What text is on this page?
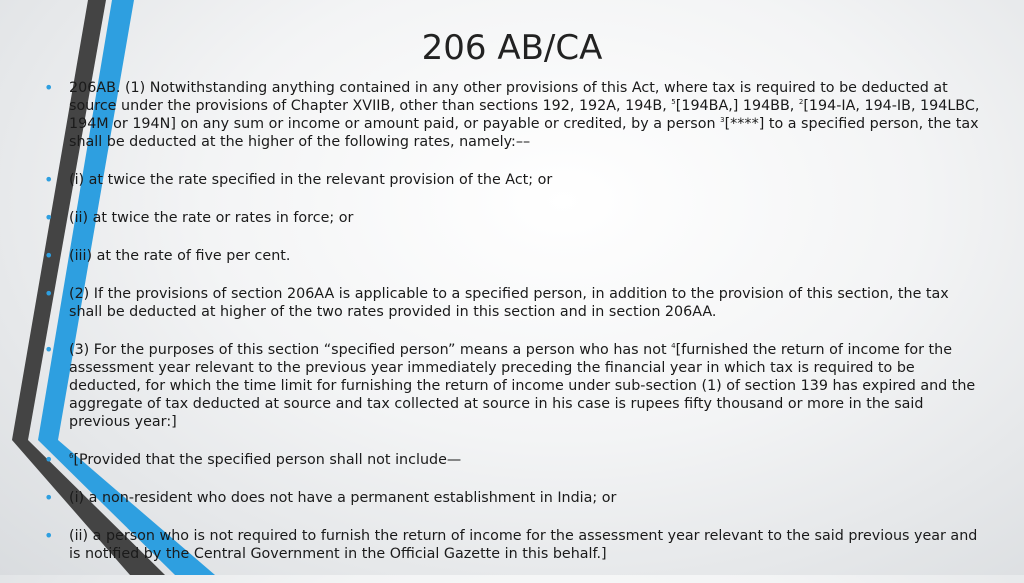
206 AB/CA
• 206AB. (1) Notwithstanding anything contained in any other provisions of this Act, where tax is required to be deducted at source under the provisions of Chapter XVIIB, other than sections 192, 192A, 194B, $^5$[194BA,] 194BB, $^2$[194-IA, 194-IB, 194LBC, 194M or 194N] on any sum or income or amount paid, or payable or credited, by a person $^3$[****] to a specified person, the tax shall be deducted at the higher of the following rates, namely:––
• (i) at twice the rate specified in the relevant provision of the Act; or
• (ii) at twice the rate or rates in force; or
• (iii) at the rate of five per cent.
• (2) If the provisions of section 206AA is applicable to a specified person, in addition to the provision of this section, the tax shall be deducted at higher of the two rates provided in this section and in section 206AA.
• (3) For the purposes of this section “specified person” means a person who has not $^4$[furnished the return of income for the assessment year relevant to the previous year immediately preceding the financial year in which tax is required to be deducted, for which the time limit for furnishing the return of income under sub-section (1) of section 139 has expired and the aggregate of tax deducted at source and tax collected at source in his case is rupees fifty thousand or more in the said previous year:]
• $^6$[Provided that the specified person shall not include—
• (i) a non-resident who does not have a permanent establishment in India; or
• (ii) a person who is not required to furnish the return of income for the assessment year relevant to the said previous year and is notified by the Central Government in the Official Gazette in this behalf.]
